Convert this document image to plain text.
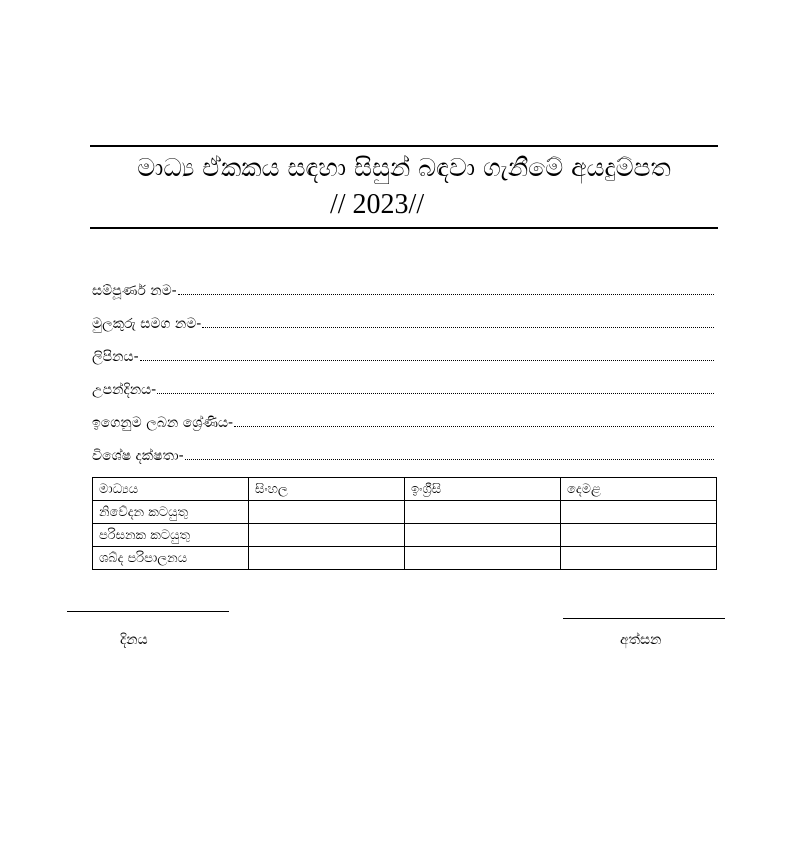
මාධ්‍ය ඒකකය සඳහා සිසුන් බඳවා ගැනීමේ අයදුම්පත
// 2023//
සම්පූර්ණ නම-
මුලකුරු සමග නම-
ලිපිනය-
උපන්දිනය-
ඉගෙනුම ලබන ශ්‍රේණිය-
විශේෂ දක්ෂතා-
මාධ්‍යය	සිංහල	ඉංග්‍රීසි	දෙමළ
නිවේදන කටයුතු			
පරිසනක කටයුතු			
ශබ්ද පරිපාලනය			
දිනය	අත්සන
